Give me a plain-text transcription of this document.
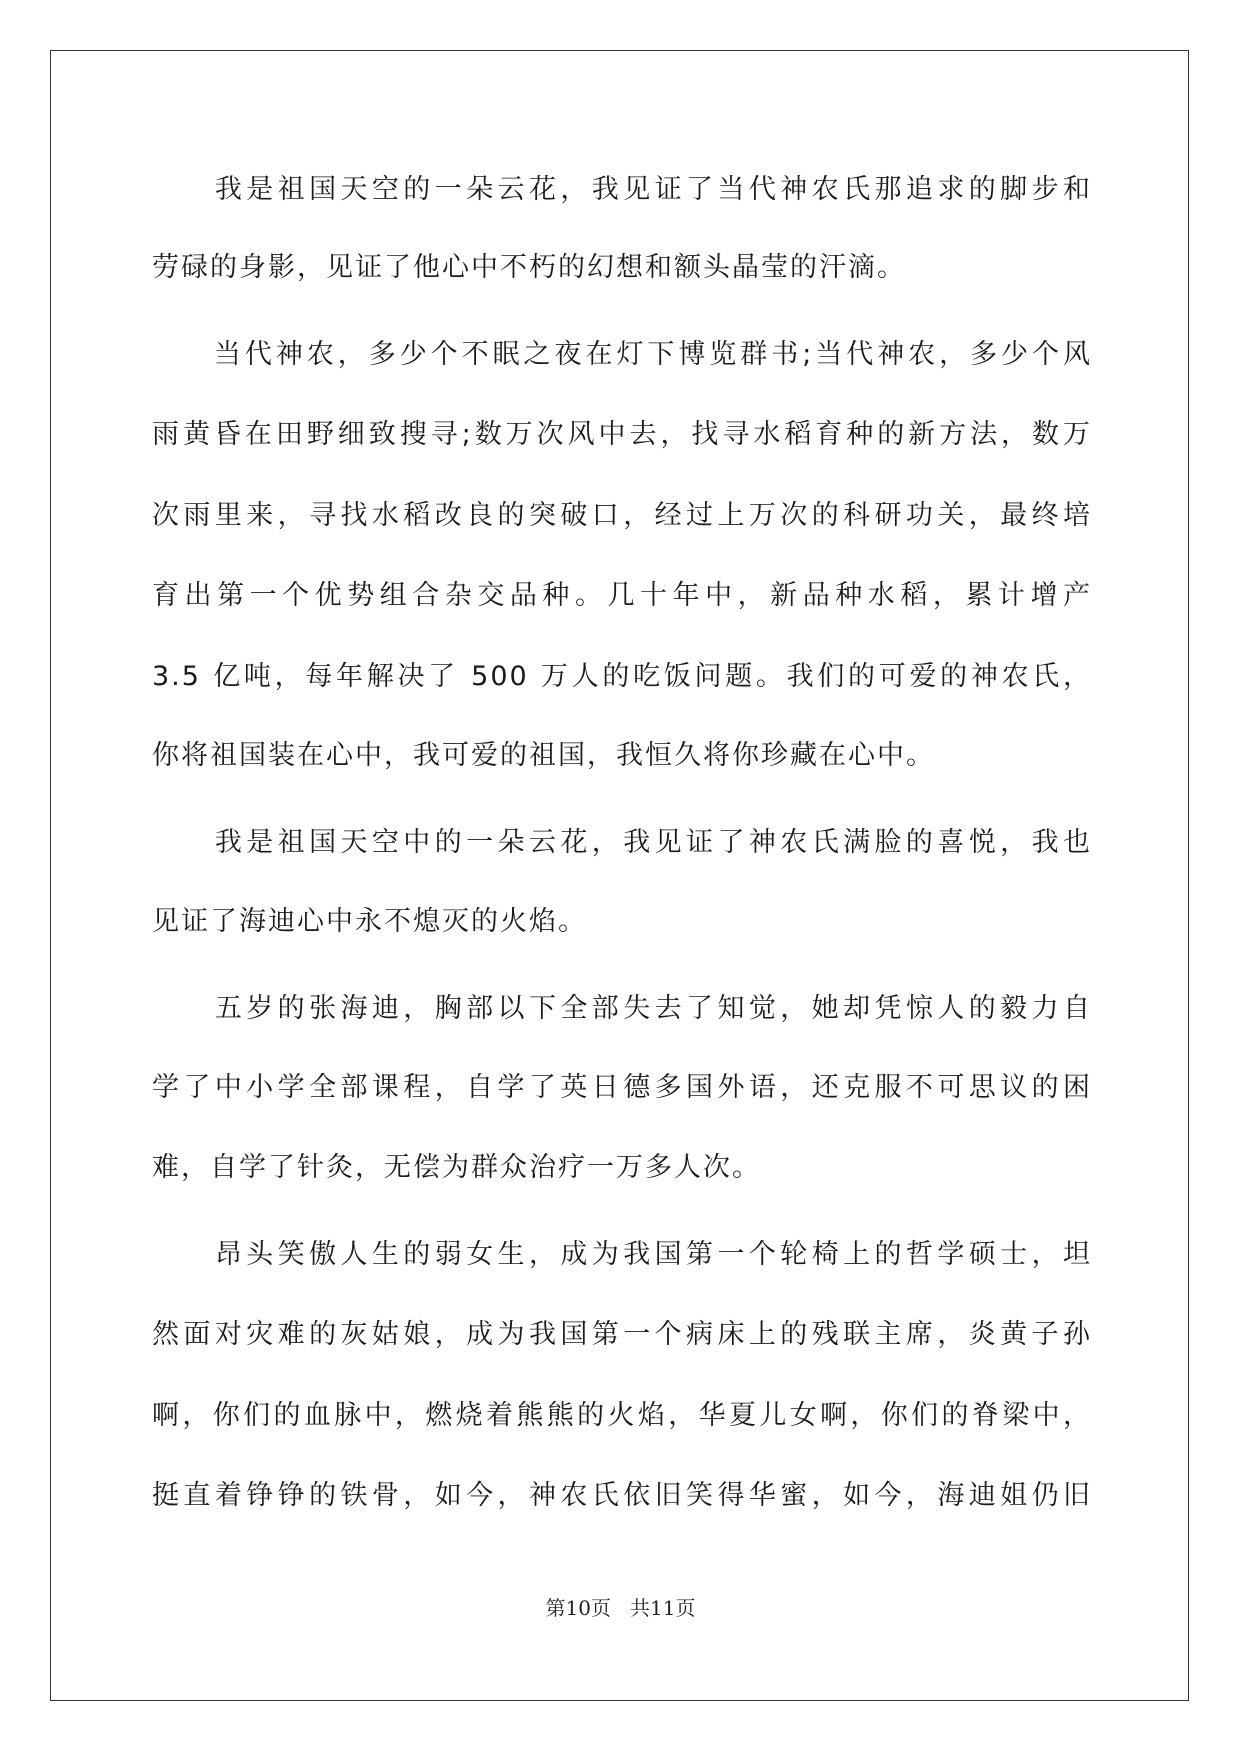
　　我是祖国天空的一朵云花，我见证了当代神农氏那追求的脚步和
劳碌的身影，见证了他心中不朽的幻想和额头晶莹的汗滴。
　　当代神农，多少个不眠之夜在灯下博览群书;当代神农，多少个风
雨黄昏在田野细致搜寻;数万次风中去，找寻水稻育种的新方法，数万
次雨里来，寻找水稻改良的突破口，经过上万次的科研功关，最终培
育出第一个优势组合杂交品种。几十年中，新品种水稻，累计增产
3.5 亿吨，每年解决了 500 万人的吃饭问题。我们的可爱的神农氏，
你将祖国装在心中，我可爱的祖国，我恒久将你珍藏在心中。
　　我是祖国天空中的一朵云花，我见证了神农氏满脸的喜悦，我也
见证了海迪心中永不熄灭的火焰。
　　五岁的张海迪，胸部以下全部失去了知觉，她却凭惊人的毅力自
学了中小学全部课程，自学了英日德多国外语，还克服不可思议的困
难，自学了针灸，无偿为群众治疗一万多人次。
　　昂头笑傲人生的弱女生，成为我国第一个轮椅上的哲学硕士，坦
然面对灾难的灰姑娘，成为我国第一个病床上的残联主席，炎黄子孙
啊，你们的血脉中，燃烧着熊熊的火焰，华夏儿女啊，你们的脊梁中，
挺直着铮铮的铁骨，如今，神农氏依旧笑得华蜜，如今，海迪姐仍旧
第10页 共11页
